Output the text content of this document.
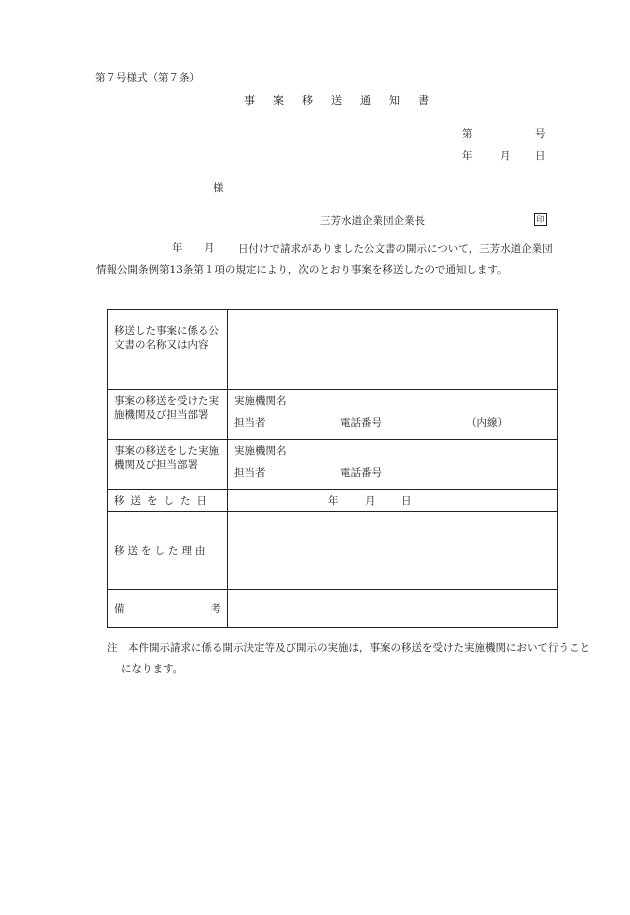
第７号様式（第７条）
事案移送通知書
第	号
年	月 日
様
三芳水道企業団企業長	印
年 月	日付けで請求がありました公文書の開示について，三芳水道企業団情報公開条例第13条第１項の規定により，次のとおり事案を移送したので通知します。
移送した事案に係る公文書の名称又は内容	
事案の移送を受けた実施機関及び担当部署	実施機関名
担当者 電話番号 （内線）

事案の移送をした実施機関及び担当部署	実施機関名
担当者 電話番号

移送をした日	年 月 日

移送をした理由	

備 考	

注　本件開示請求に係る開示決定等及び開示の実施は，事案の移送を受けた実施機関において行うことになります。
